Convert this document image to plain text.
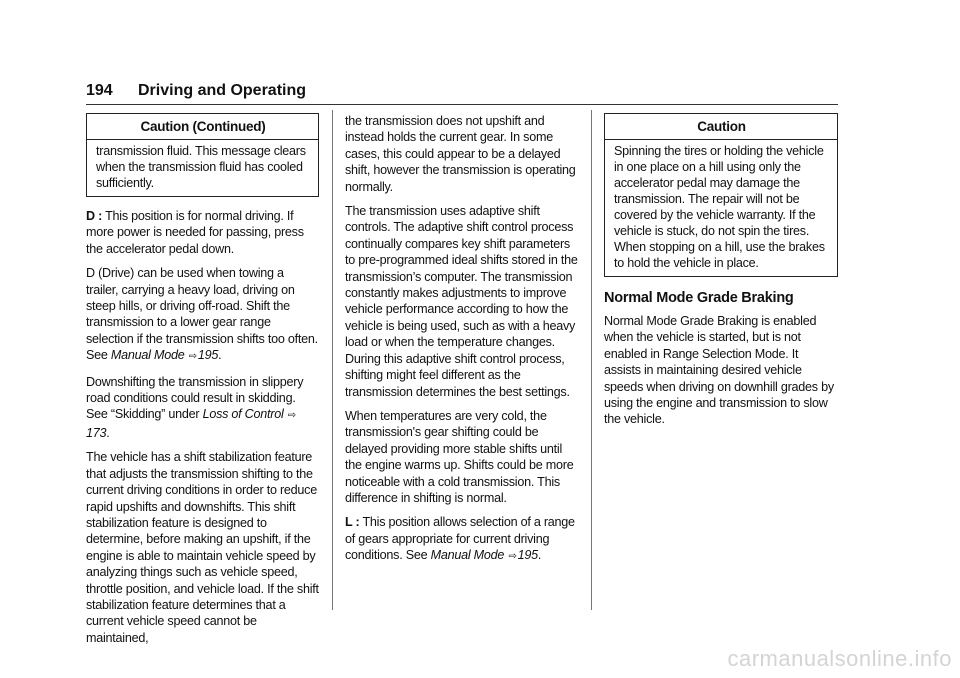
194 Driving and Operating
Caution (Continued)
transmission fluid. This message clears when the transmission fluid has cooled sufficiently.

D : This position is for normal driving. If more power is needed for passing, press the accelerator pedal down.

D (Drive) can be used when towing a trailer, carrying a heavy load, driving on steep hills, or driving off-road. Shift the transmission to a lower gear range selection if the transmission shifts too often. See Manual Mode ⇨195.

Downshifting the transmission in slippery road conditions could result in skidding. See “Skidding” under Loss of Control ⇨173.

The vehicle has a shift stabilization feature that adjusts the transmission shifting to the current driving conditions in order to reduce rapid upshifts and downshifts. This shift stabilization feature is designed to determine, before making an upshift, if the engine is able to maintain vehicle speed by analyzing things such as vehicle speed, throttle position, and vehicle load. If the shift stabilization feature determines that a current vehicle speed cannot be maintained,

the transmission does not upshift and instead holds the current gear. In some cases, this could appear to be a delayed shift, however the transmission is operating normally.

The transmission uses adaptive shift controls. The adaptive shift control process continually compares key shift parameters to pre-programmed ideal shifts stored in the transmission’s computer. The transmission constantly makes adjustments to improve vehicle performance according to how the vehicle is being used, such as with a heavy load or when the temperature changes. During this adaptive shift control process, shifting might feel different as the transmission determines the best settings.

When temperatures are very cold, the transmission's gear shifting could be delayed providing more stable shifts until the engine warms up. Shifts could be more noticeable with a cold transmission. This difference in shifting is normal.

L : This position allows selection of a range of gears appropriate for current driving conditions. See Manual Mode ⇨195.

Caution
Spinning the tires or holding the vehicle in one place on a hill using only the accelerator pedal may damage the transmission. The repair will not be covered by the vehicle warranty. If the vehicle is stuck, do not spin the tires. When stopping on a hill, use the brakes to hold the vehicle in place.
Normal Mode Grade Braking

Normal Mode Grade Braking is enabled when the vehicle is started, but is not enabled in Range Selection Mode. It assists in maintaining desired vehicle speeds when driving on downhill grades by using the engine and transmission to slow the vehicle.

carmanualsonline.info
